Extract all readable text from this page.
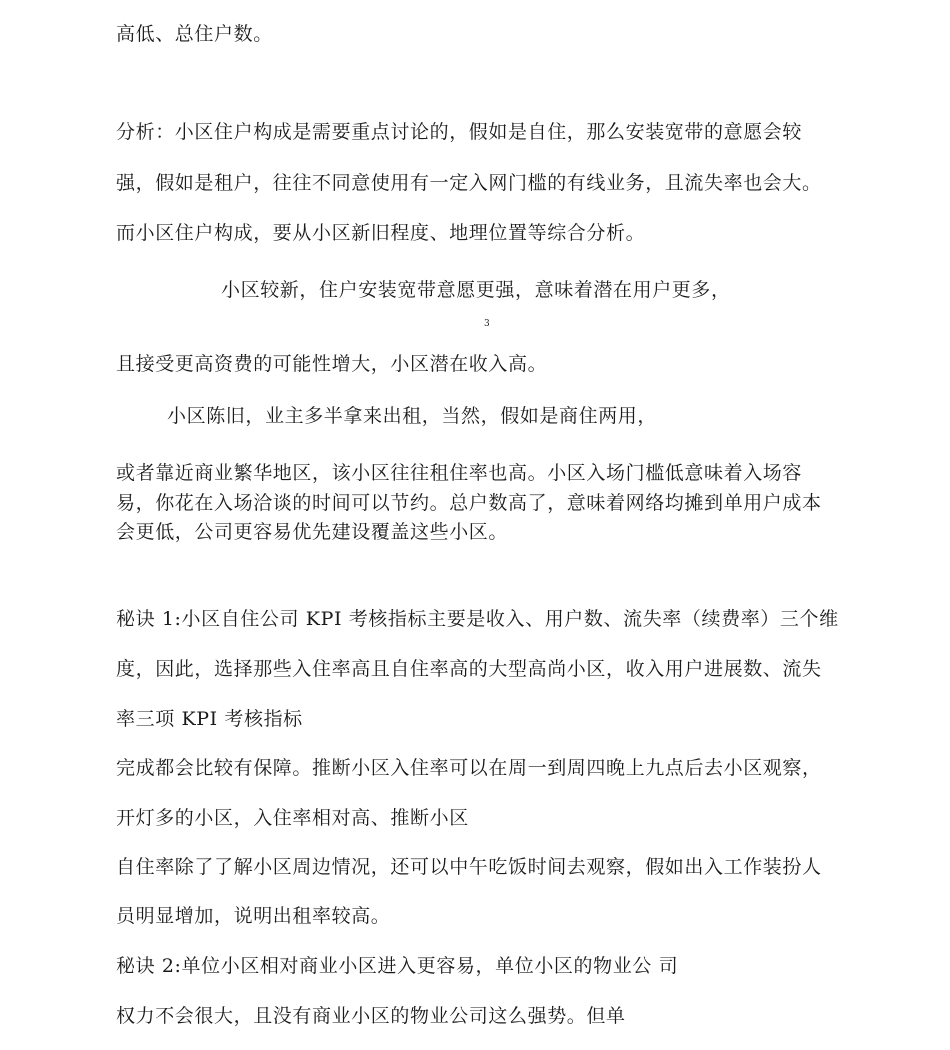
高低、总住户数。
分析：小区住户构成是需要重点讨论的，假如是自住，那么安装宽带的意愿会较
强，假如是租户，往往不同意使用有一定入网门槛的有线业务，且流失率也会大。
而小区住户构成，要从小区新旧程度、地理位置等综合分析。
小区较新，住户安装宽带意愿更强，意味着潜在用户更多，
3
且接受更高资费的可能性增大，小区潜在收入高。
小区陈旧，业主多半拿来出租，当然，假如是商住两用，
或者靠近商业繁华地区，该小区往往租住率也高。小区入场门槛低意味着入场容
易，你花在入场洽谈的时间可以节约。总户数高了，意味着网络均摊到单用户成本
会更低，公司更容易优先建设覆盖这些小区。
秘诀 1:小区自住公司 KPI 考核指标主要是收入、用户数、流失率（续费率）三个维
度，因此，选择那些入住率高且自住率高的大型高尚小区，收入用户进展数、流失
率三项 KPI 考核指标
完成都会比较有保障。推断小区入住率可以在周一到周四晚上九点后去小区观察，
开灯多的小区，入住率相对高、推断小区
自住率除了了解小区周边情况，还可以中午吃饭时间去观察，假如出入工作装扮人
员明显增加，说明出租率较高。
秘诀 2:单位小区相对商业小区进入更容易，单位小区的物业公 司
权力不会很大，且没有商业小区的物业公司这么强势。但单
